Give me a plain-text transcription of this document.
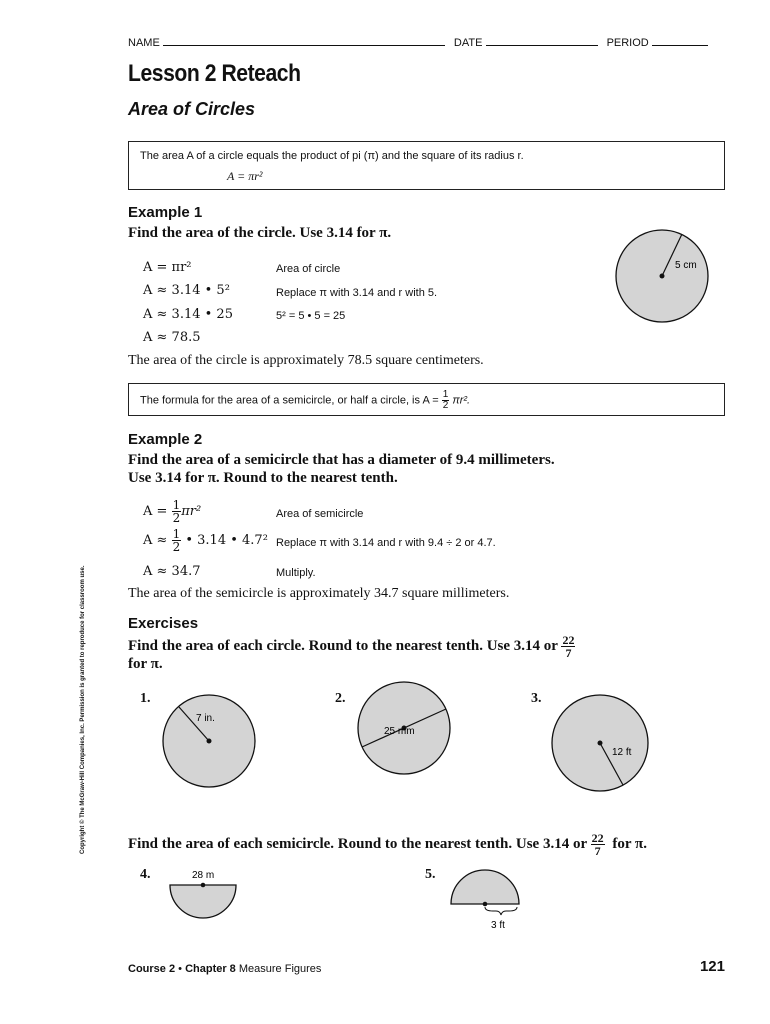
NAME	DATE	PERIOD
Lesson 2 Reteach
Area of Circles
The area A of a circle equals the product of pi (π) and the square of its radius r.
A = πr²
Example 1
Find the area of the circle. Use 3.14 for π.
A = πr²	Area of circle
A ≈ 3.14 • 5²	Replace π with 3.14 and r with 5.
A ≈ 3.14 • 25	5² = 5 • 5 = 25
A ≈ 78.5
The area of the circle is approximately 78.5 square centimeters.
5 cm
The formula for the area of a semicircle, or half a circle, is $A = \frac{1}{2} \pi r^2$.
Example 2
Find the area of a semicircle that has a diameter of 9.4 millimeters.
Use 3.14 for π. Round to the nearest tenth.
$A = \frac{1}{2} \pi r^2$	Area of semicircle
$A \approx \frac{1}{2}$ • 3.14 • 4.7² Replace π with 3.14 and r with 9.4 ÷ 2 or 4.7.
A ≈ 34.7	Multiply.
The area of the semicircle is approximately 34.7 square millimeters.
Exercises
Find the area of each circle. Round to the nearest tenth. Use 3.14 or $\frac{22}{7}$
for π.
1.
7 in.
2.
25 mm
3.
12 ft
Find the area of each semicircle. Round to the nearest tenth. Use 3.14 or $\frac{22}{7}$ for π.
4.	28 m	5.
3 ft
Copyright © The McGraw-Hill Companies, Inc. Permission is granted to reproduce for classroom use.
Course 2 • Chapter 8 Measure Figures	121
